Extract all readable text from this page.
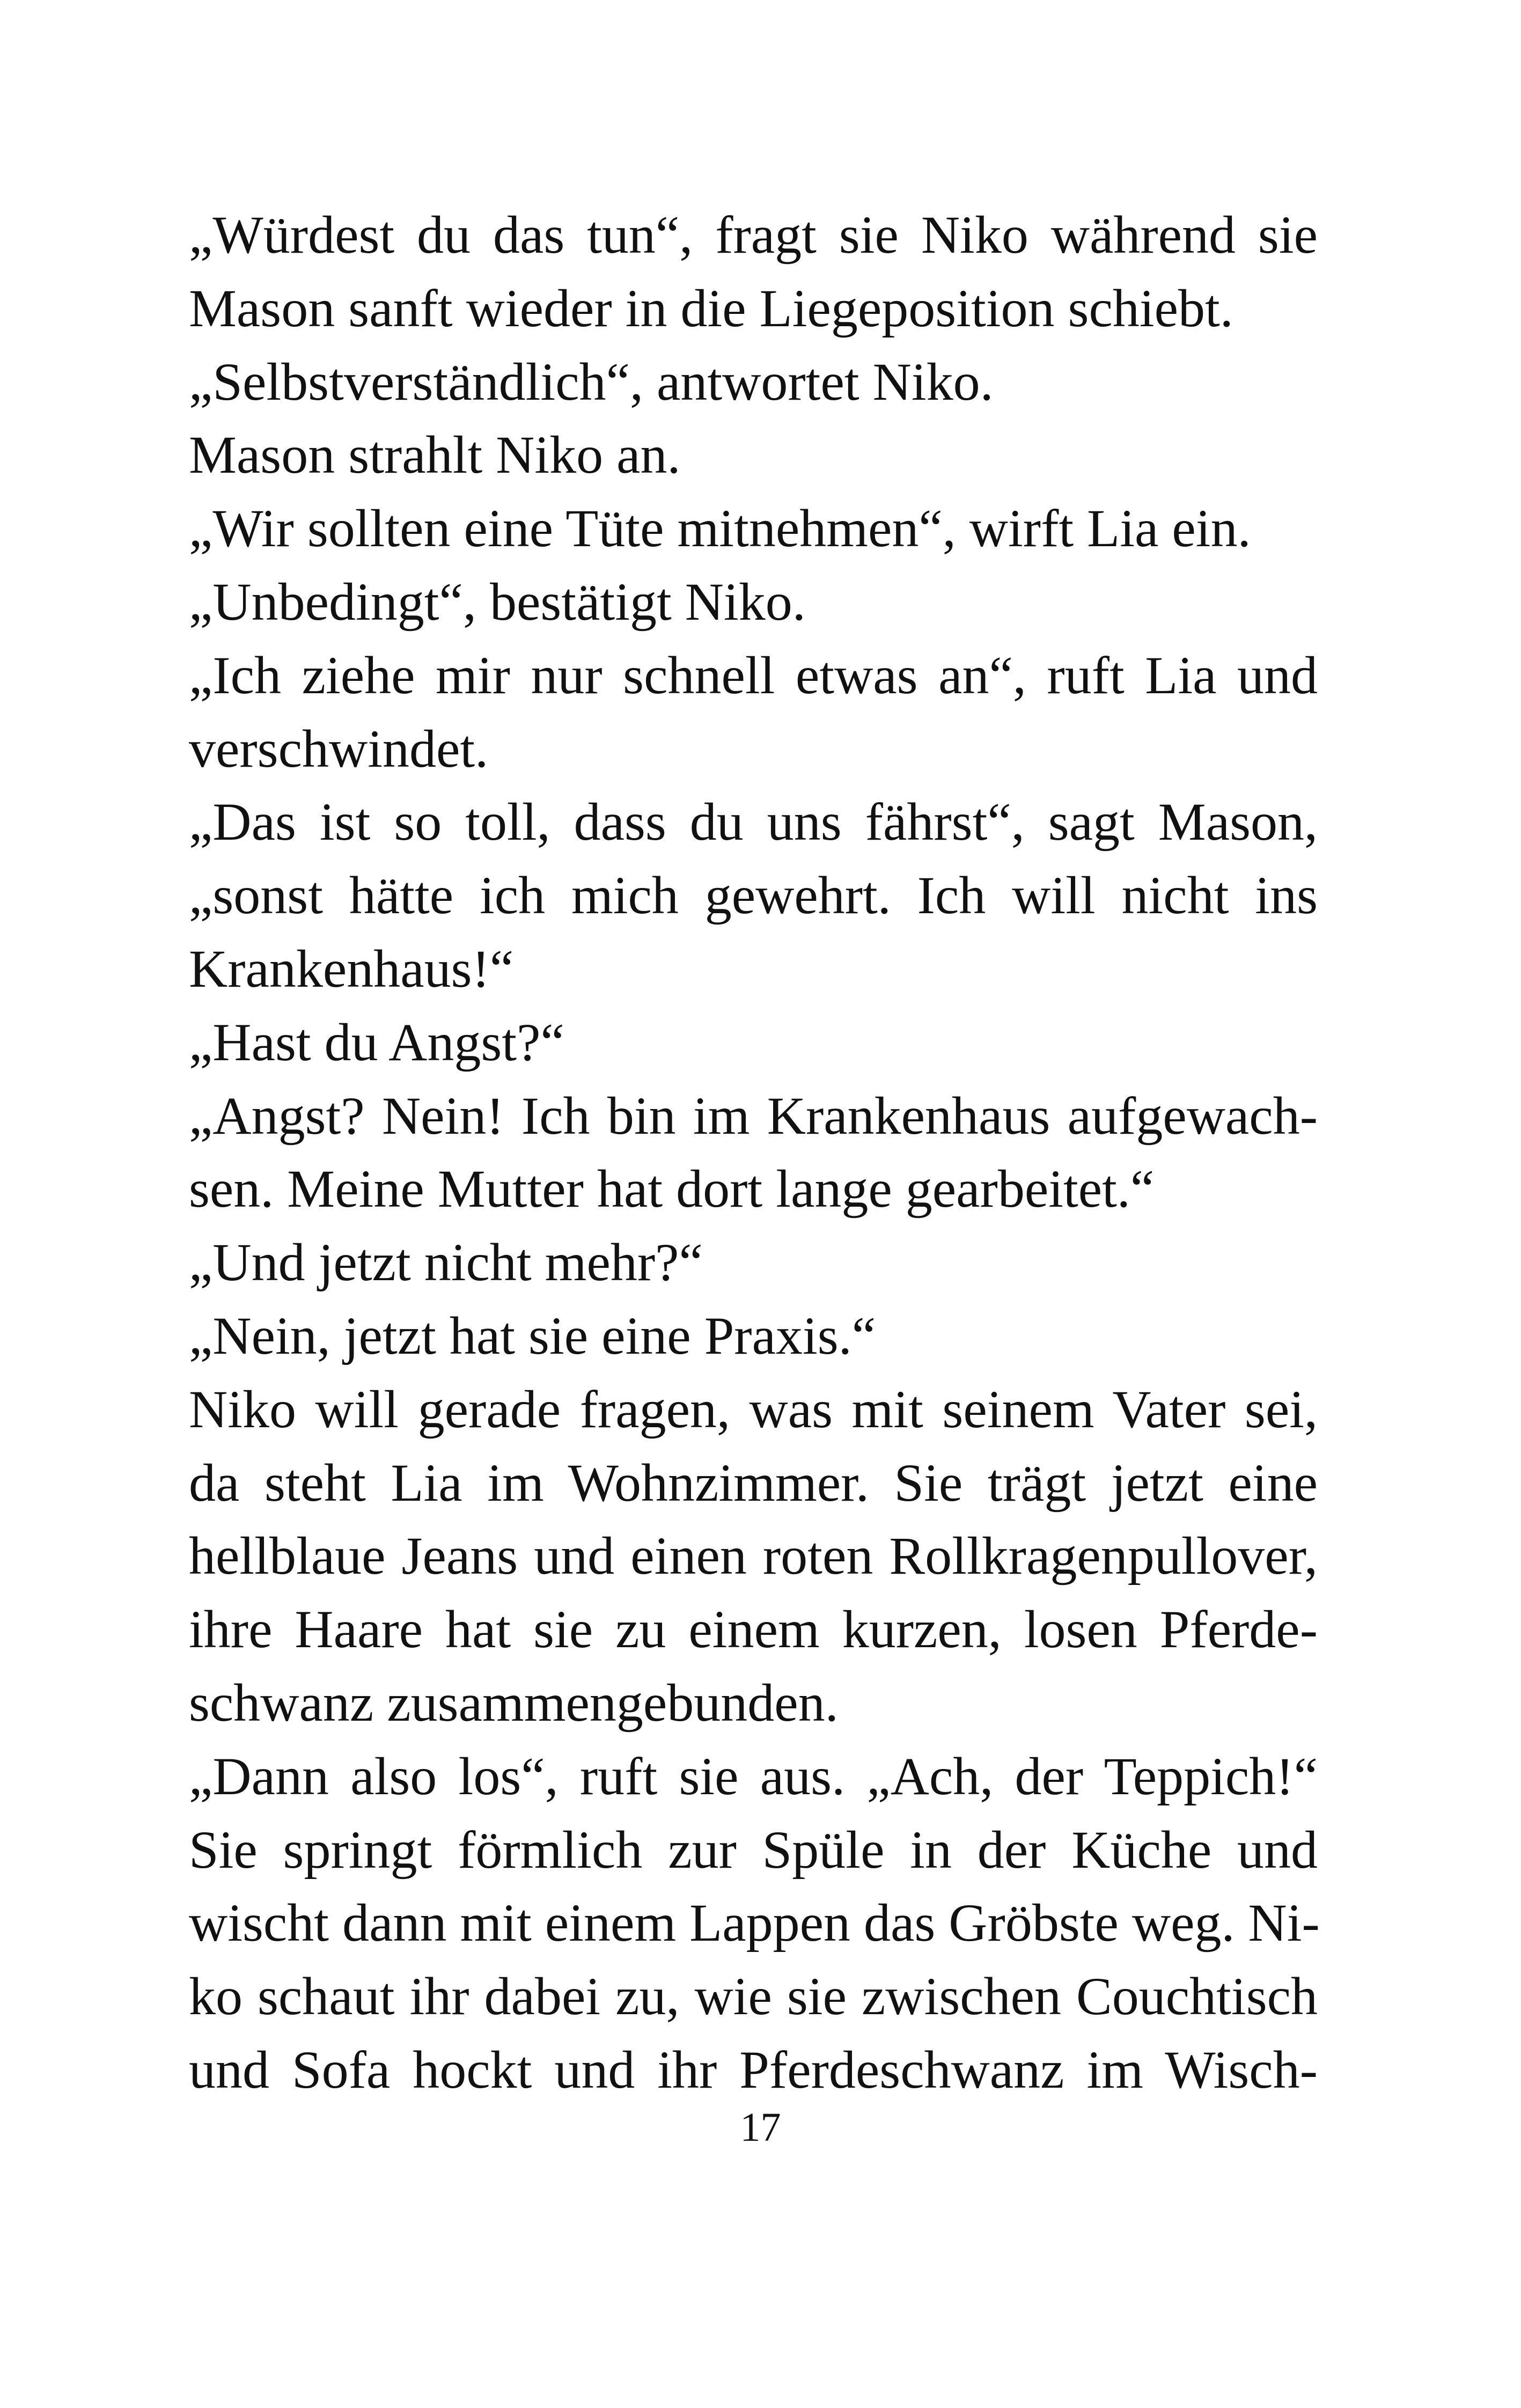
„Würdest du das tun“, fragt sie Niko während sie
Mason sanft wieder in die Liegeposition schiebt.
„Selbstverständlich“, antwortet Niko.
Mason strahlt Niko an.
„Wir sollten eine Tüte mitnehmen“, wirft Lia ein.
„Unbedingt“, bestätigt Niko.
„Ich ziehe mir nur schnell etwas an“, ruft Lia und
verschwindet.
„Das ist so toll, dass du uns fährst“, sagt Mason,
„sonst hätte ich mich gewehrt. Ich will nicht ins
Krankenhaus!“
„Hast du Angst?“
„Angst? Nein! Ich bin im Krankenhaus aufgewach-
sen. Meine Mutter hat dort lange gearbeitet.“
„Und jetzt nicht mehr?“
„Nein, jetzt hat sie eine Praxis.“
Niko will gerade fragen, was mit seinem Vater sei,
da steht Lia im Wohnzimmer. Sie trägt jetzt eine
hellblaue Jeans und einen roten Rollkragenpullover,
ihre Haare hat sie zu einem kurzen, losen Pferde-
schwanz zusammengebunden.
„Dann also los“, ruft sie aus. „Ach, der Teppich!“
Sie springt förmlich zur Spüle in der Küche und
wischt dann mit einem Lappen das Gröbste weg. Ni-
ko schaut ihr dabei zu, wie sie zwischen Couchtisch
und Sofa hockt und ihr Pferdeschwanz im Wisch-
17
